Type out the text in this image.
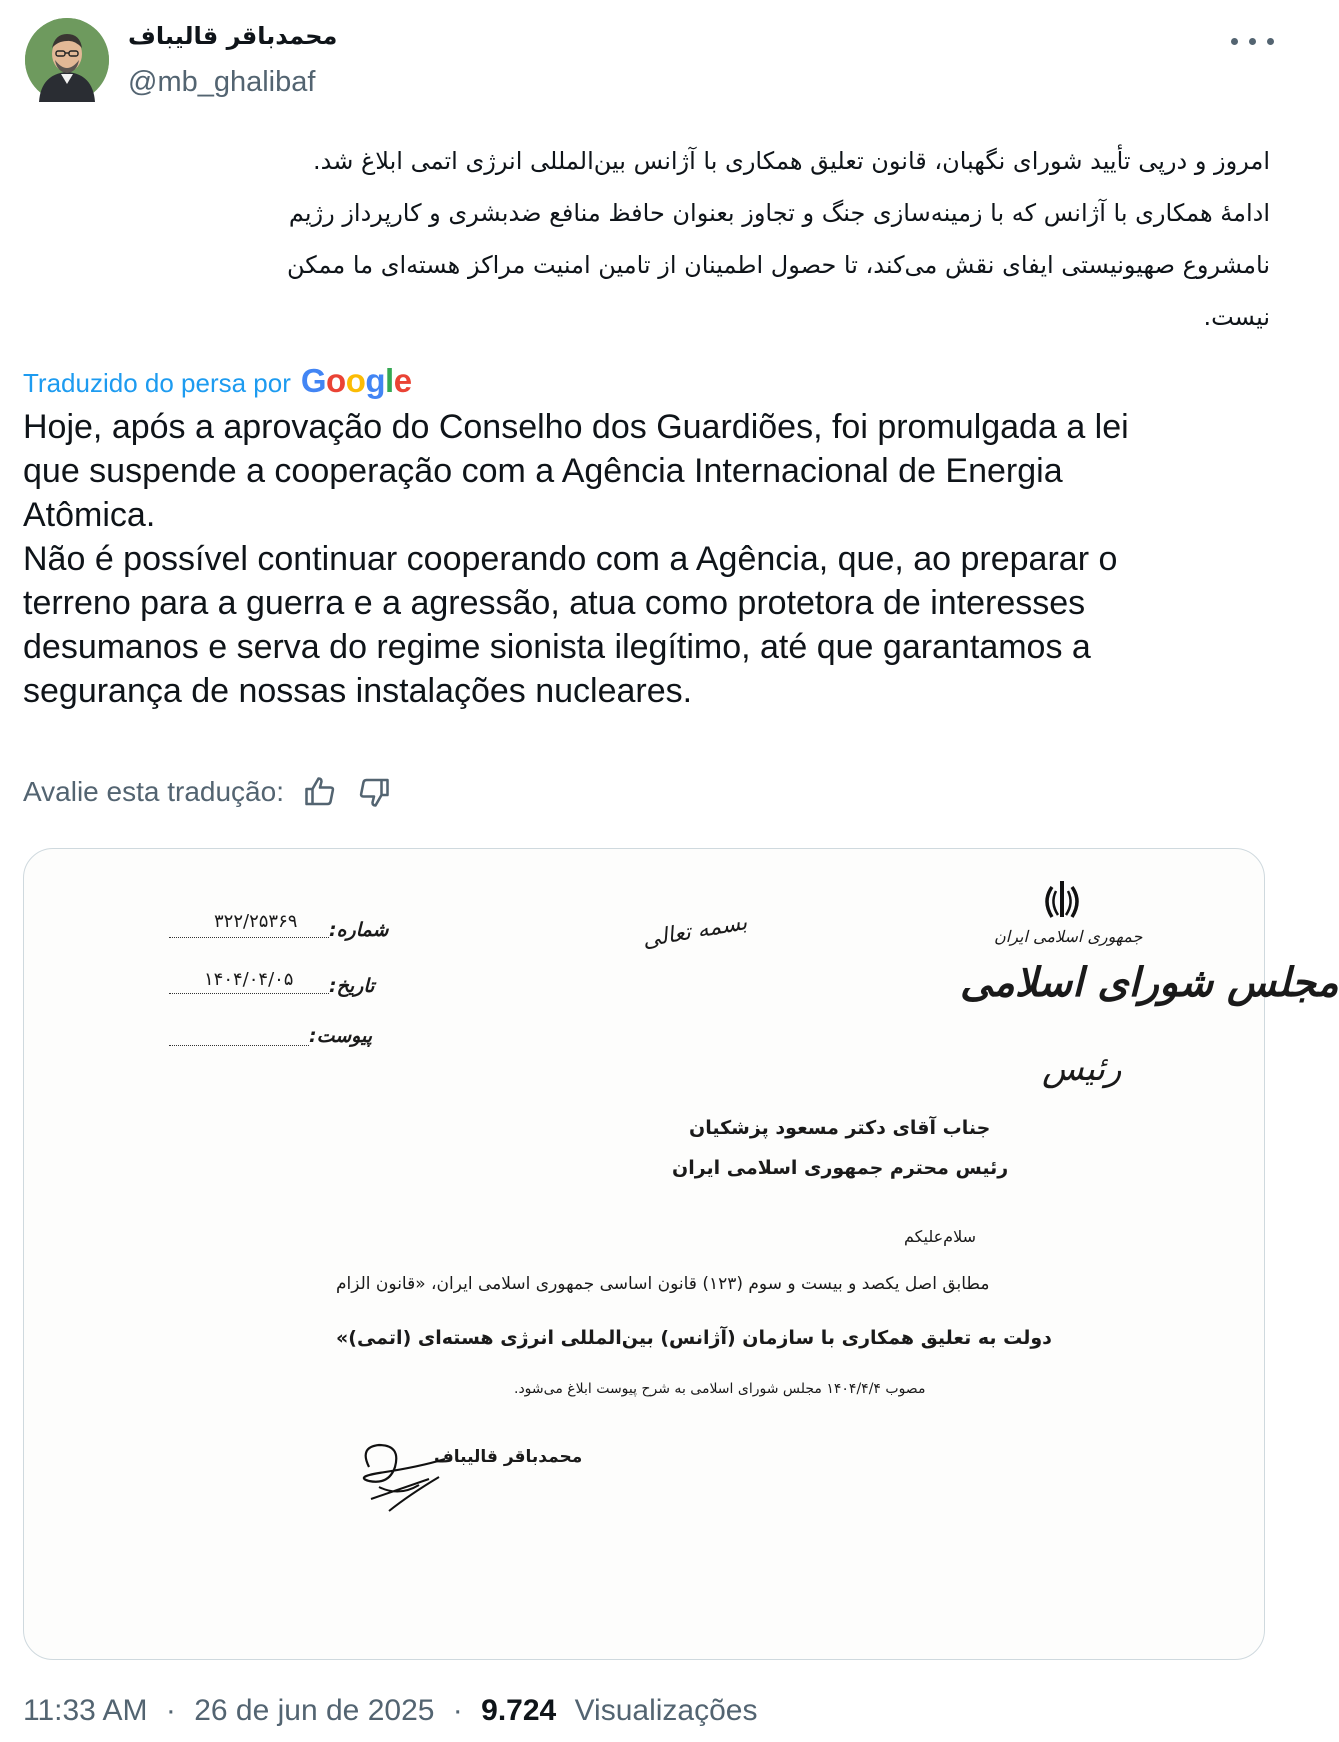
محمدباقر قالیباف
@mb_ghalibaf
امروز و درپی تأیید شورای نگهبان، قانون تعلیق همکاری با آژانس بین‌المللی انرژی اتمی ابلاغ شد.
ادامهٔ همکاری با آژانس که با زمینه‌سازی جنگ و تجاوز بعنوان حافظ منافع ضدبشری و کارپرداز رژیم
نامشروع صهیونیستی ایفای نقش می‌کند، تا حصول اطمینان از تامین امنیت مراکز هسته‌ای ما ممکن
نیست.
Traduzido do persa por Google
Hoje, após a aprovação do Conselho dos Guardiões, foi promulgada a lei
que suspende a cooperação com a Agência Internacional de Energia
Atômica.
Não é possível continuar cooperando com a Agência, que, ao preparar o
terreno para a guerra e a agressão, atua como protetora de interesses
desumanos e serva do regime sionista ilegítimo, até que garantamos a
segurança de nossas instalações nucleares.
Avalie esta tradução:
جمهوری اسلامی ایران
مجلس شورای اسلامی
رئیس
بسمه تعالی
شماره:
۳۲۲/۲۵۳۶۹
تاریخ:
۱۴۰۴/۰۴/۰۵
پیوست:
جناب آقای دکتر مسعود پزشکیان
رئیس محترم جمهوری اسلامی ایران
سلام‌علیکم
مطابق اصل یکصد و بیست و سوم (۱۲۳) قانون اساسی جمهوری اسلامی ایران، «قانون الزام
دولت به تعلیق همکاری با سازمان (آژانس) بین‌المللی انرژی هسته‌ای (اتمی)»
مصوب ۱۴۰۴/۴/۴ مجلس شورای اسلامی به شرح پیوست ابلاغ می‌شود.
محمدباقر قالیباف
11:33 AM · 26 de jun de 2025 · 9.724 Visualizações
